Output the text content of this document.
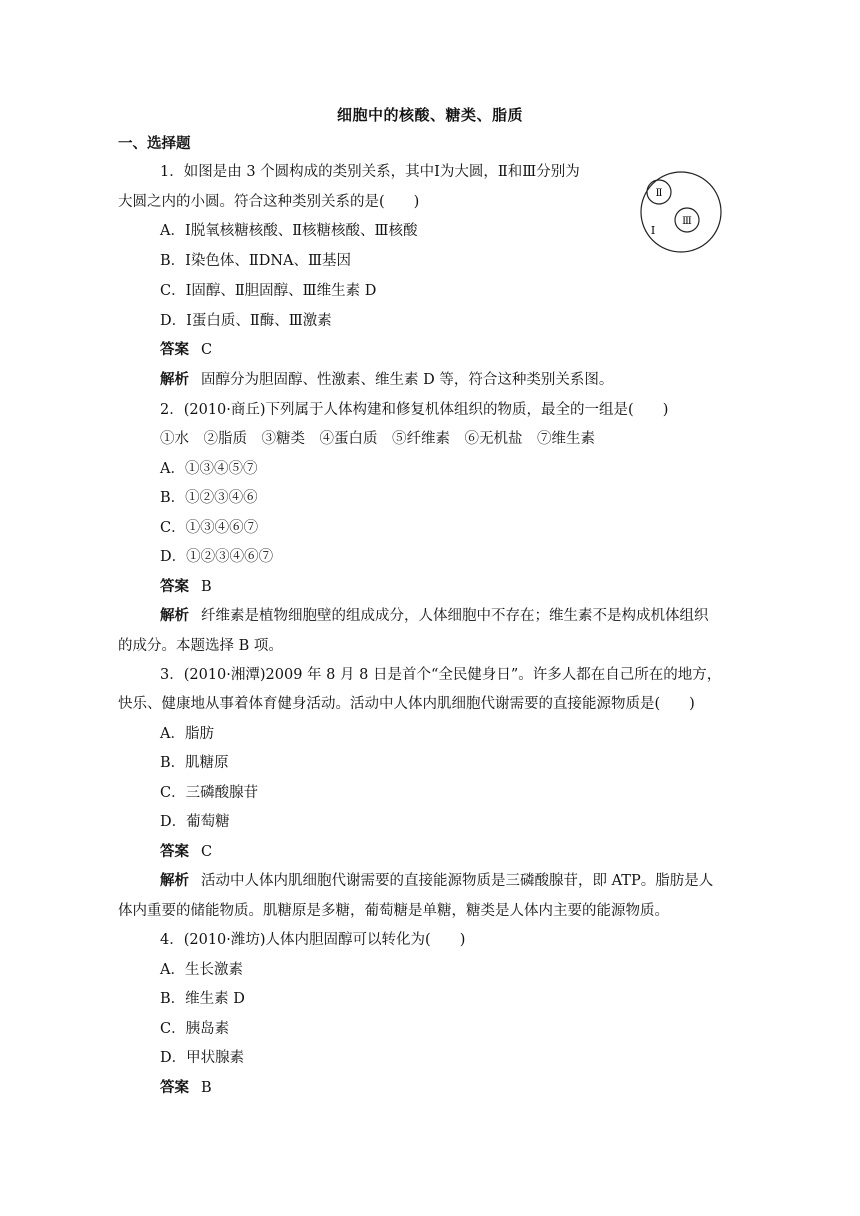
细胞中的核酸、糖类、脂质
一、选择题
1．如图是由 3 个圆构成的类别关系，其中Ⅰ为大圆，Ⅱ和Ⅲ分别为
大圆之内的小圆。符合这种类别关系的是(　　)
A．Ⅰ脱氧核糖核酸、Ⅱ核糖核酸、Ⅲ核酸
B．Ⅰ染色体、ⅡDNA、Ⅲ基因
C．Ⅰ固醇、Ⅱ胆固醇、Ⅲ维生素 D
D．Ⅰ蛋白质、Ⅱ酶、Ⅲ激素
答案 C
解析 固醇分为胆固醇、性激素、维生素 D 等，符合这种类别关系图。
Ⅱ
Ⅲ
Ⅰ
2．(2010·商丘)下列属于人体构建和修复机体组织的物质，最全的一组是(　　)
①水　②脂质　③糖类　④蛋白质　⑤纤维素　⑥无机盐　⑦维生素
A．①③④⑤⑦
B．①②③④⑥
C．①③④⑥⑦
D．①②③④⑥⑦
答案 B
解析 纤维素是植物细胞壁的组成成分，人体细胞中不存在；维生素不是构成机体组织
的成分。本题选择 B 项。
3．(2010·湘潭)2009 年 8 月 8 日是首个“全民健身日”。许多人都在自己所在的地方，
快乐、健康地从事着体育健身活动。活动中人体内肌细胞代谢需要的直接能源物质是(　　)
A．脂肪
B．肌糖原
C．三磷酸腺苷
D．葡萄糖
答案 C
解析 活动中人体内肌细胞代谢需要的直接能源物质是三磷酸腺苷，即 ATP。脂肪是人
体内重要的储能物质。肌糖原是多糖，葡萄糖是单糖，糖类是人体内主要的能源物质。
4．(2010·潍坊)人体内胆固醇可以转化为(　　)
A．生长激素
B．维生素 D
C．胰岛素
D．甲状腺素
答案 B
